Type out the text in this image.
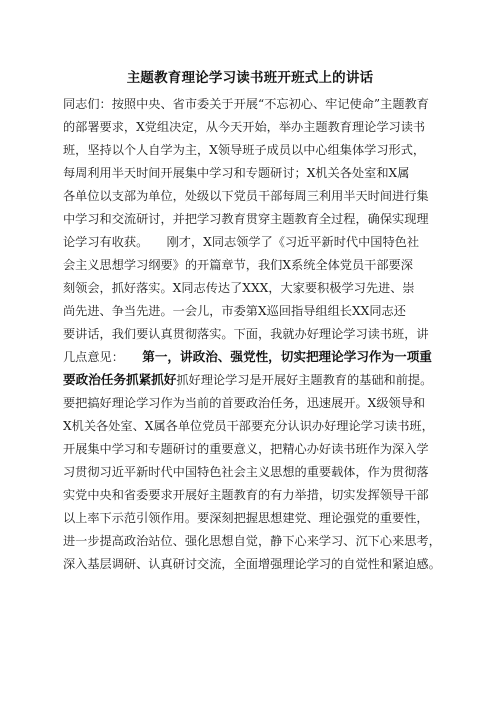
主题教育理论学习读书班开班式上的讲话
同志们：按照中央、省市委关于开展“不忘初心、牢记使命”主题教育
的部署要求，X党组决定，从今天开始，举办主题教育理论学习读书
班，坚持以个人自学为主，X领导班子成员以中心组集体学习形式，
每周利用半天时间开展集中学习和专题研讨；X机关各处室和X属
各单位以支部为单位，处级以下党员干部每周三利用半天时间进行集
中学习和交流研讨，并把学习教育贯穿主题教育全过程，确保实现理
论学习有收获。　　刚才，X同志领学了《习近平新时代中国特色社
会主义思想学习纲要》的开篇章节，我们X系统全体党员干部要深
刻领会，抓好落实。X同志传达了XXX，大家要积极学习先进、崇
尚先进、争当先进。一会儿，市委第X巡回指导组组长XX同志还
要讲话，我们要认真贯彻落实。下面，我就办好理论学习读书班，讲
几点意见：　　第一，讲政治、强党性，切实把理论学习作为一项重
要政治任务抓紧抓好抓好理论学习是开展好主题教育的基础和前提。
要把搞好理论学习作为当前的首要政治任务，迅速展开。X级领导和
X机关各处室、X属各单位党员干部要充分认识办好理论学习读书班，
开展集中学习和专题研讨的重要意义，把精心办好读书班作为深入学
习贯彻习近平新时代中国特色社会主义思想的重要载体，作为贯彻落
实党中央和省委要求开展好主题教育的有力举措，切实发挥领导干部
以上率下示范引领作用。要深刻把握思想建党、理论强党的重要性，
进一步提高政治站位、强化思想自觉，静下心来学习、沉下心来思考，
深入基层调研、认真研讨交流，全面增强理论学习的自觉性和紧迫感。
